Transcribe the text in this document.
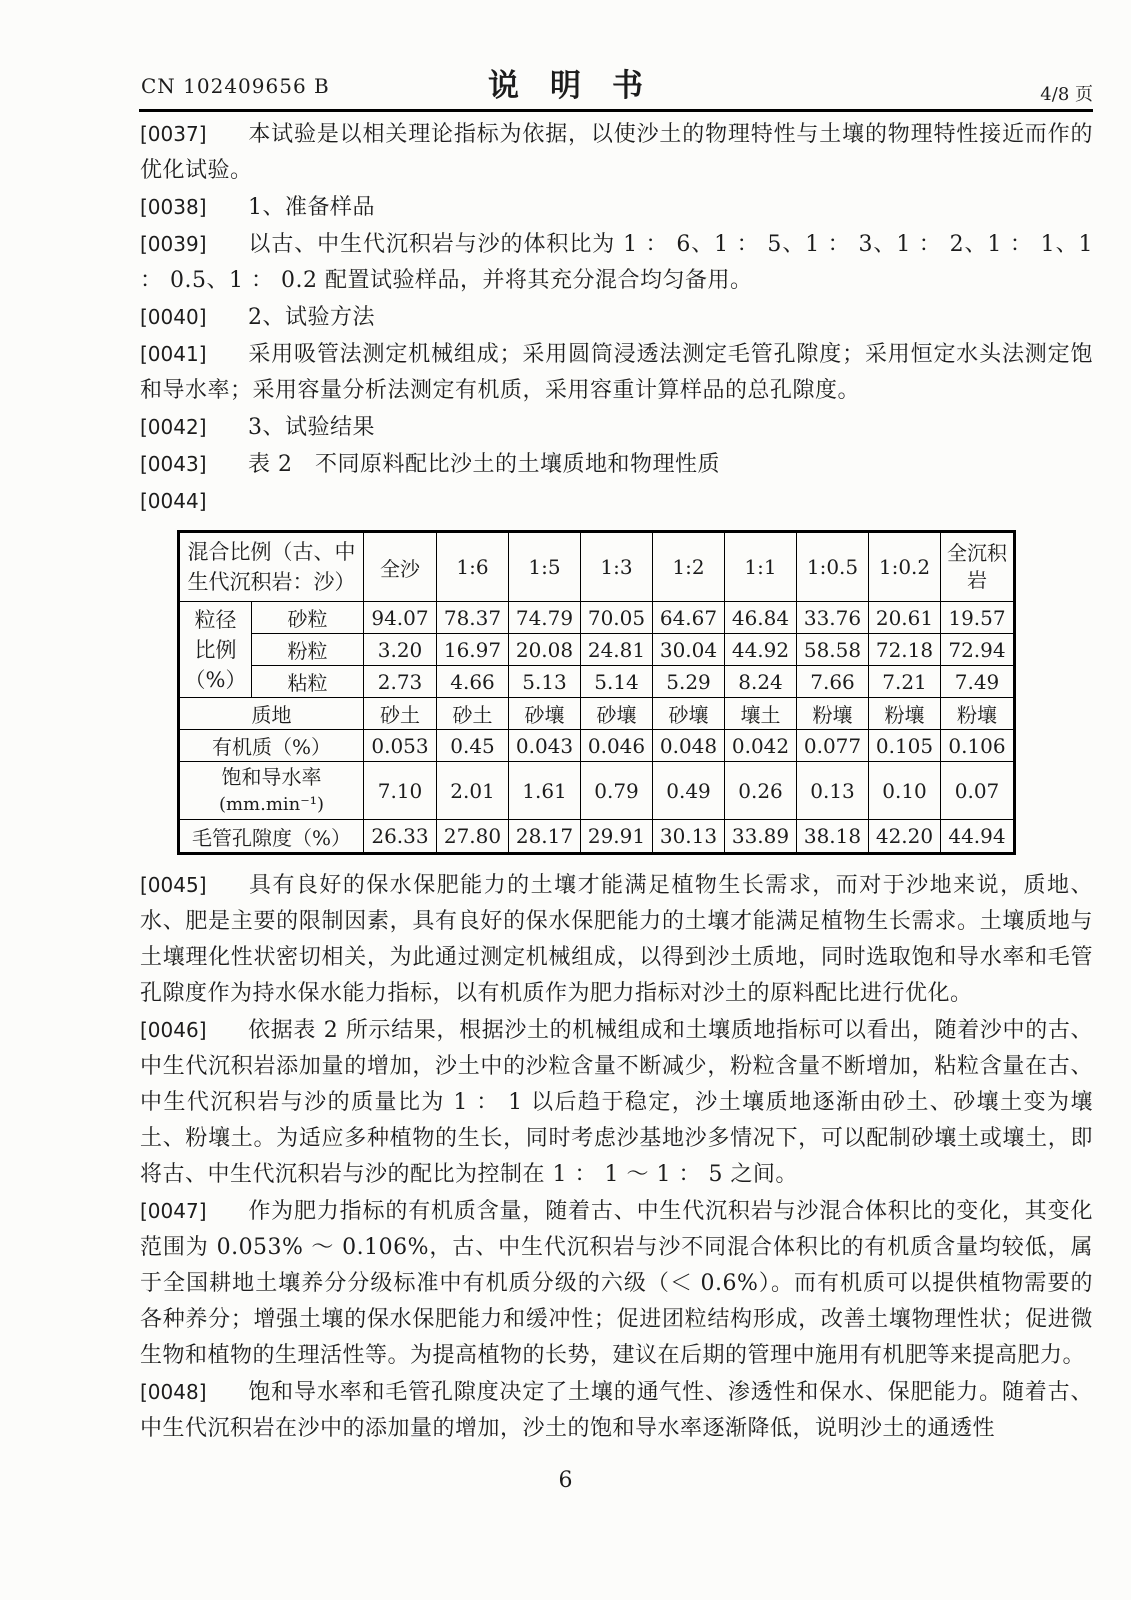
CN 102409656 B	说　明　书	4/8 页

[0037] 本试验是以相关理论指标为依据，以使沙土的物理特性与土壤的物理特性接近而作的优化试验。

[0038] 1、准备样品

[0039] 以古、中生代沉积岩与沙的体积比为 1 ： 6、1 ： 5、1 ： 3、1 ： 2、1 ： 1、1 ： 0.5、1 ： 0.2 配置试验样品，并将其充分混合均匀备用。

[0040] 2、试验方法

[0041] 采用吸管法测定机械组成；采用圆筒浸透法测定毛管孔隙度；采用恒定水头法测定饱和导水率；采用容量分析法测定有机质，采用容重计算样品的总孔隙度。

[0042] 3、试验结果

[0043] 表 2　不同原料配比沙土的土壤质地和物理性质

[0044]

混合比例（古、中生代沉积岩：沙）		全沙	1:6	1:5	1:3	1:2	1:1	1:0.5	1:0.2	全沉积岩

粒径
比例
（%）	砂粒	94.07	78.37	74.79	70.05	64.67	46.84	33.76	20.61	19.57
	粉粒	3.20	16.97	20.08	24.81	30.04	44.92	58.58	72.18	72.94
	粘粒	2.73	4.66	5.13	5.14	5.29	8.24	7.66	7.21	7.49
质地		砂土	砂土	砂壤	砂壤	砂壤	壤土	粉壤	粉壤	粉壤
有机质（%）		0.053	0.45	0.043	0.046	0.048	0.042	0.077	0.105	0.106

饱和导水率
(mm.min⁻¹)		7.10	2.01	1.61	0.79	0.49	0.26	0.13	0.10	0.07
毛管孔隙度（%）		26.33	27.80	28.17	29.91	30.13	33.89	38.18	42.20	44.94

[0045] 具有良好的保水保肥能力的土壤才能满足植物生长需求，而对于沙地来说，质地、水、肥是主要的限制因素，具有良好的保水保肥能力的土壤才能满足植物生长需求。土壤质地与土壤理化性状密切相关，为此通过测定机械组成，以得到沙土质地，同时选取饱和导水率和毛管孔隙度作为持水保水能力指标，以有机质作为肥力指标对沙土的原料配比进行优化。

[0046] 依据表 2 所示结果，根据沙土的机械组成和土壤质地指标可以看出，随着沙中的古、中生代沉积岩添加量的增加，沙土中的沙粒含量不断减少，粉粒含量不断增加，粘粒含量在古、中生代沉积岩与沙的质量比为 1 ： 1 以后趋于稳定，沙土壤质地逐渐由砂土、砂壤土变为壤土、粉壤土。为适应多种植物的生长，同时考虑沙基地沙多情况下，可以配制砂壤土或壤土，即将古、中生代沉积岩与沙的配比为控制在 1 ： 1 ～ 1 ： 5 之间。

[0047] 作为肥力指标的有机质含量，随着古、中生代沉积岩与沙混合体积比的变化，其变化范围为 0.053% ～ 0.106%，古、中生代沉积岩与沙不同混合体积比的有机质含量均较低，属于全国耕地土壤养分分级标准中有机质分级的六级（＜ 0.6%）。而有机质可以提供植物需要的各种养分；增强土壤的保水保肥能力和缓冲性；促进团粒结构形成，改善土壤物理性状；促进微生物和植物的生理活性等。为提高植物的长势，建议在后期的管理中施用有机肥等来提高肥力。

[0048] 饱和导水率和毛管孔隙度决定了土壤的通气性、渗透性和保水、保肥能力。随着古、中生代沉积岩在沙中的添加量的增加，沙土的饱和导水率逐渐降低，说明沙土的通透性

6
